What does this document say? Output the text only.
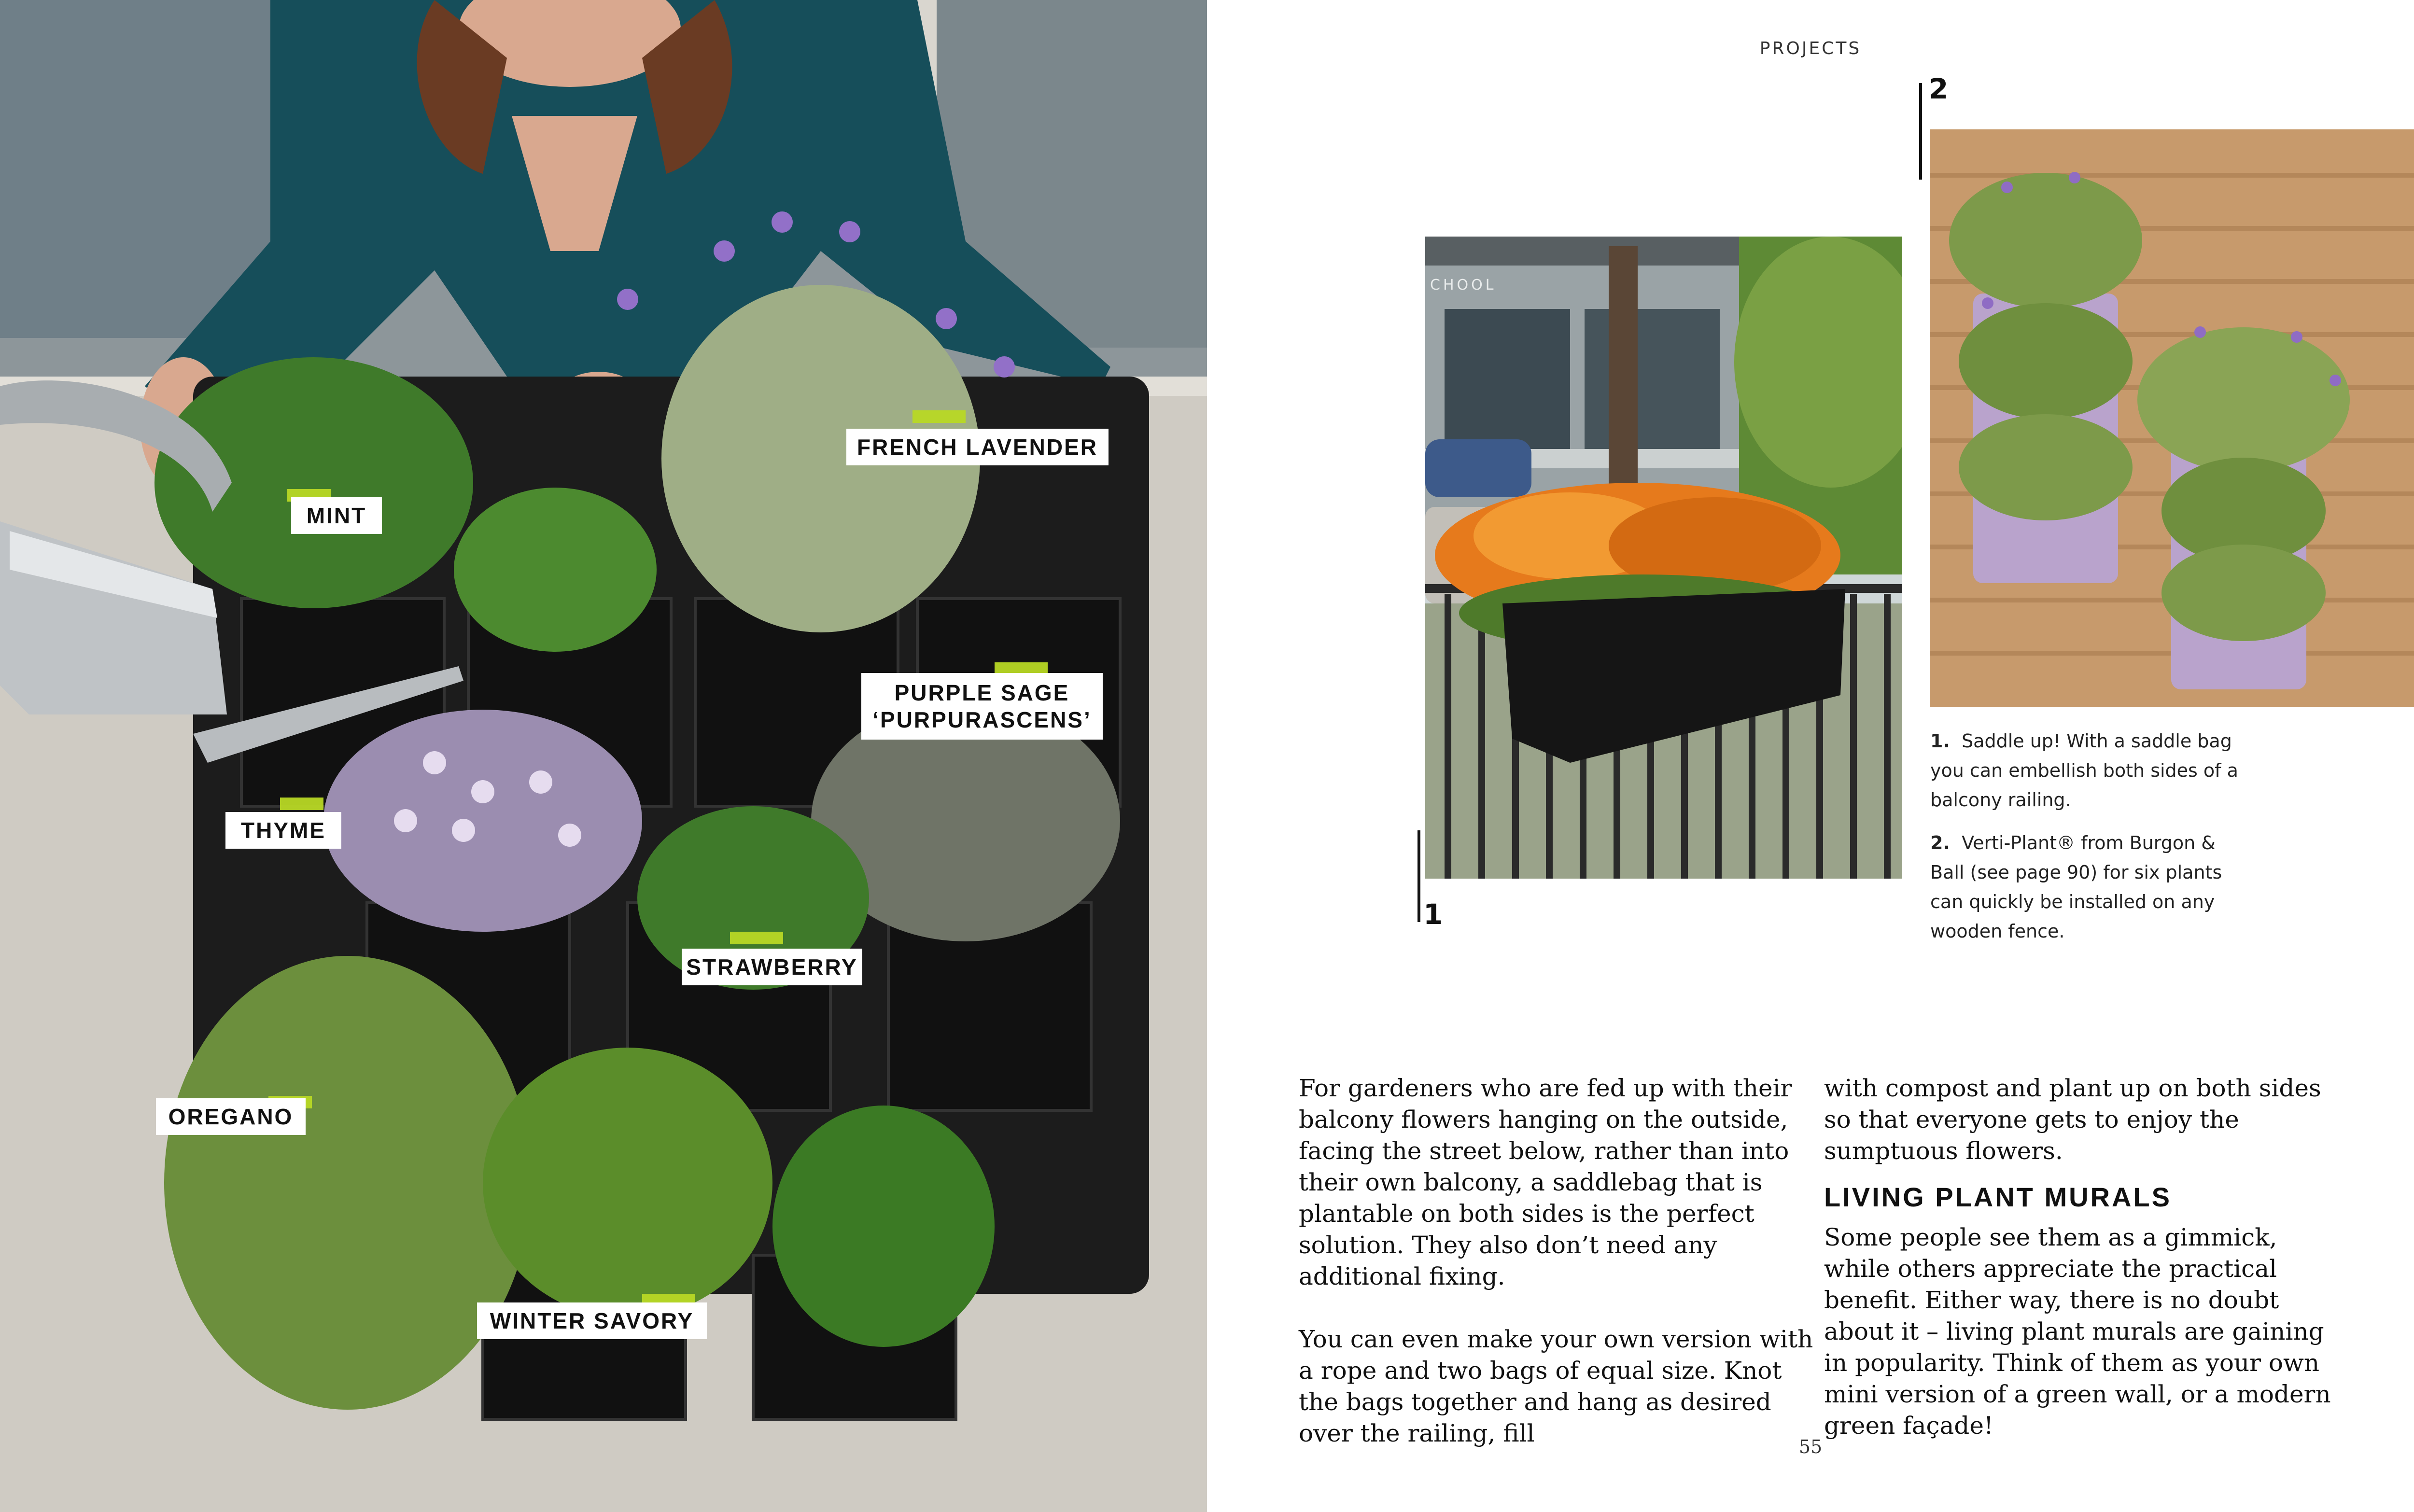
MINT
FRENCH LAVENDER
PURPLE SAGE
‘PURPURASCENS’
THYME
STRAWBERRY
OREGANO
WINTER SAVORY
PROJECTS
CHOOL
1
2
1. Saddle up! With a saddle bag you can embellish both sides of a balcony railing.
2. Verti-Plant® from Burgon & Ball (see page 90) for six plants can quickly be installed on any wooden fence.

For gardeners who are fed up with their balcony flowers hanging on the outside, facing the street below, rather than into their own balcony, a saddlebag that is plantable on both sides is the perfect solution. They also don’t need any additional fixing.

You can even make your own version with a rope and two bags of equal size. Knot the bags together and hang as desired over the railing, fill

with compost and plant up on both sides so that everyone gets to enjoy the sumptuous flowers.

LIVING PLANT MURALS

Some people see them as a gimmick, while others appreciate the practical benefit. Either way, there is no doubt about it – living plant murals are gaining in popularity. Think of them as your own mini version of a green wall, or a modern green façade!

55
